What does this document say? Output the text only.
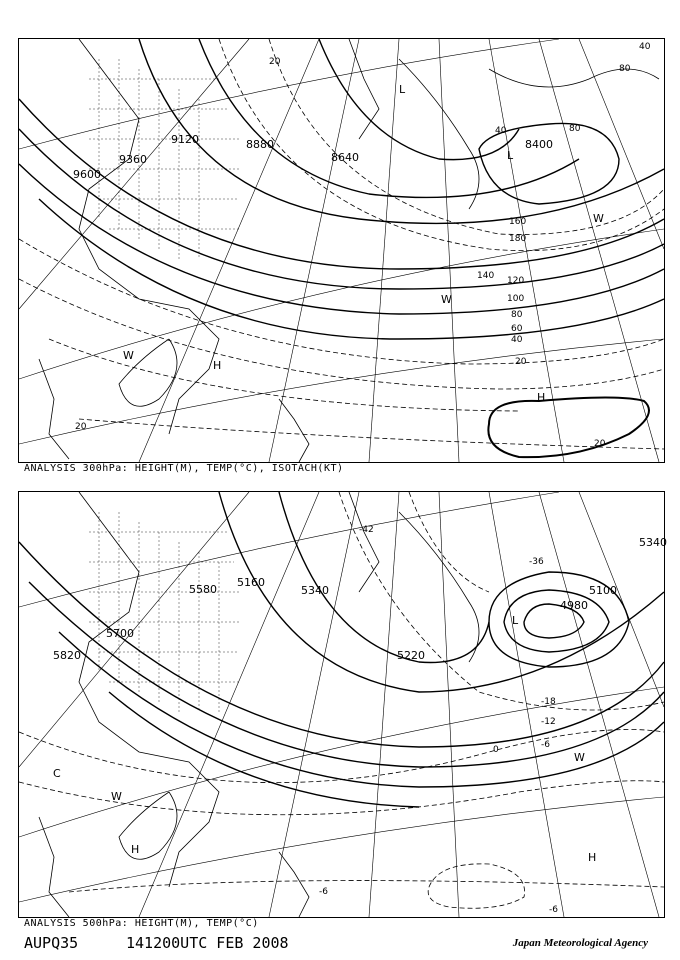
9120	8880
8640
9360
9600
8400
20
40
60
80
100
120
140
160
180
20
40	80
80
40
20
20
L
L
H
H
W
W
W
ANALYSIS 300hPa: HEIGHT(M), TEMP(°C), ISOTACH(KT)
5580
5160
5340
5700
5820	5220
4980
5100
5340
-42
-36
-18
-12
-6
0
-6
-6
L
H
H
W
W
C
ANALYSIS 500hPa: HEIGHT(M), TEMP(°C)
AUPQ35	141200UTC FEB 2008	Japan Meteorological Agency
